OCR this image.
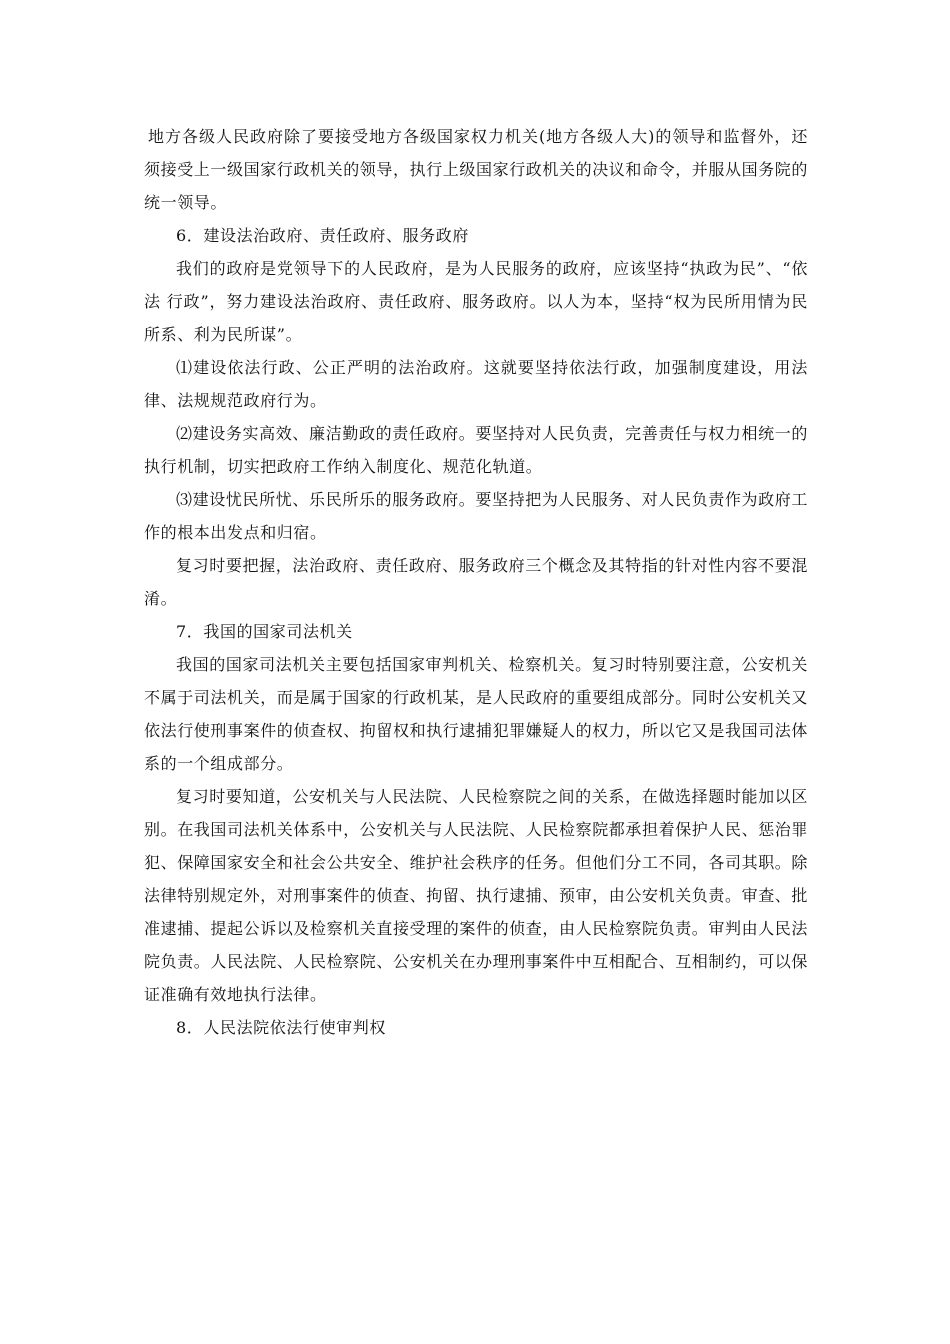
地方各级人民政府除了要接受地方各级国家权力机关(地方各级人大)的领导和监督外，还须接受上一级国家行政机关的领导，执行上级国家行政机关的决议和命令，并服从国务院的统一领导。

6．建设法治政府、责任政府、服务政府

我们的政府是党领导下的人民政府，是为人民服务的政府，应该坚持“执政为民”、“依法 行政”，努力建设法治政府、责任政府、服务政府。以人为本，坚持“权为民所用情为民所系、利为民所谋”。

⑴建设依法行政、公正严明的法治政府。这就要坚持依法行政，加强制度建设，用法律、法规规范政府行为。

⑵建设务实高效、廉洁勤政的责任政府。要坚持对人民负责，完善责任与权力相统一的执行机制，切实把政府工作纳入制度化、规范化轨道。

⑶建设忧民所忧、乐民所乐的服务政府。要坚持把为人民服务、对人民负责作为政府工作的根本出发点和归宿。

复习时要把握，法治政府、责任政府、服务政府三个概念及其特指的针对性内容不要混淆。

7．我国的国家司法机关

我国的国家司法机关主要包括国家审判机关、检察机关。复习时特别要注意，公安机关不属于司法机关，而是属于国家的行政机某，是人民政府的重要组成部分。同时公安机关又依法行使刑事案件的侦查权、拘留权和执行逮捕犯罪嫌疑人的权力，所以它又是我国司法体系的一个组成部分。

复习时要知道，公安机关与人民法院、人民检察院之间的关系，在做选择题时能加以区别。在我国司法机关体系中，公安机关与人民法院、人民检察院都承担着保护人民、惩治罪犯、保障国家安全和社会公共安全、维护社会秩序的任务。但他们分工不同，各司其职。除法律特别规定外，对刑事案件的侦查、拘留、执行逮捕、预审，由公安机关负责。审查、批准逮捕、提起公诉以及检察机关直接受理的案件的侦查，由人民检察院负责。审判由人民法院负责。人民法院、人民检察院、公安机关在办理刑事案件中互相配合、互相制约，可以保证准确有效地执行法律。

8．人民法院依法行使审判权
